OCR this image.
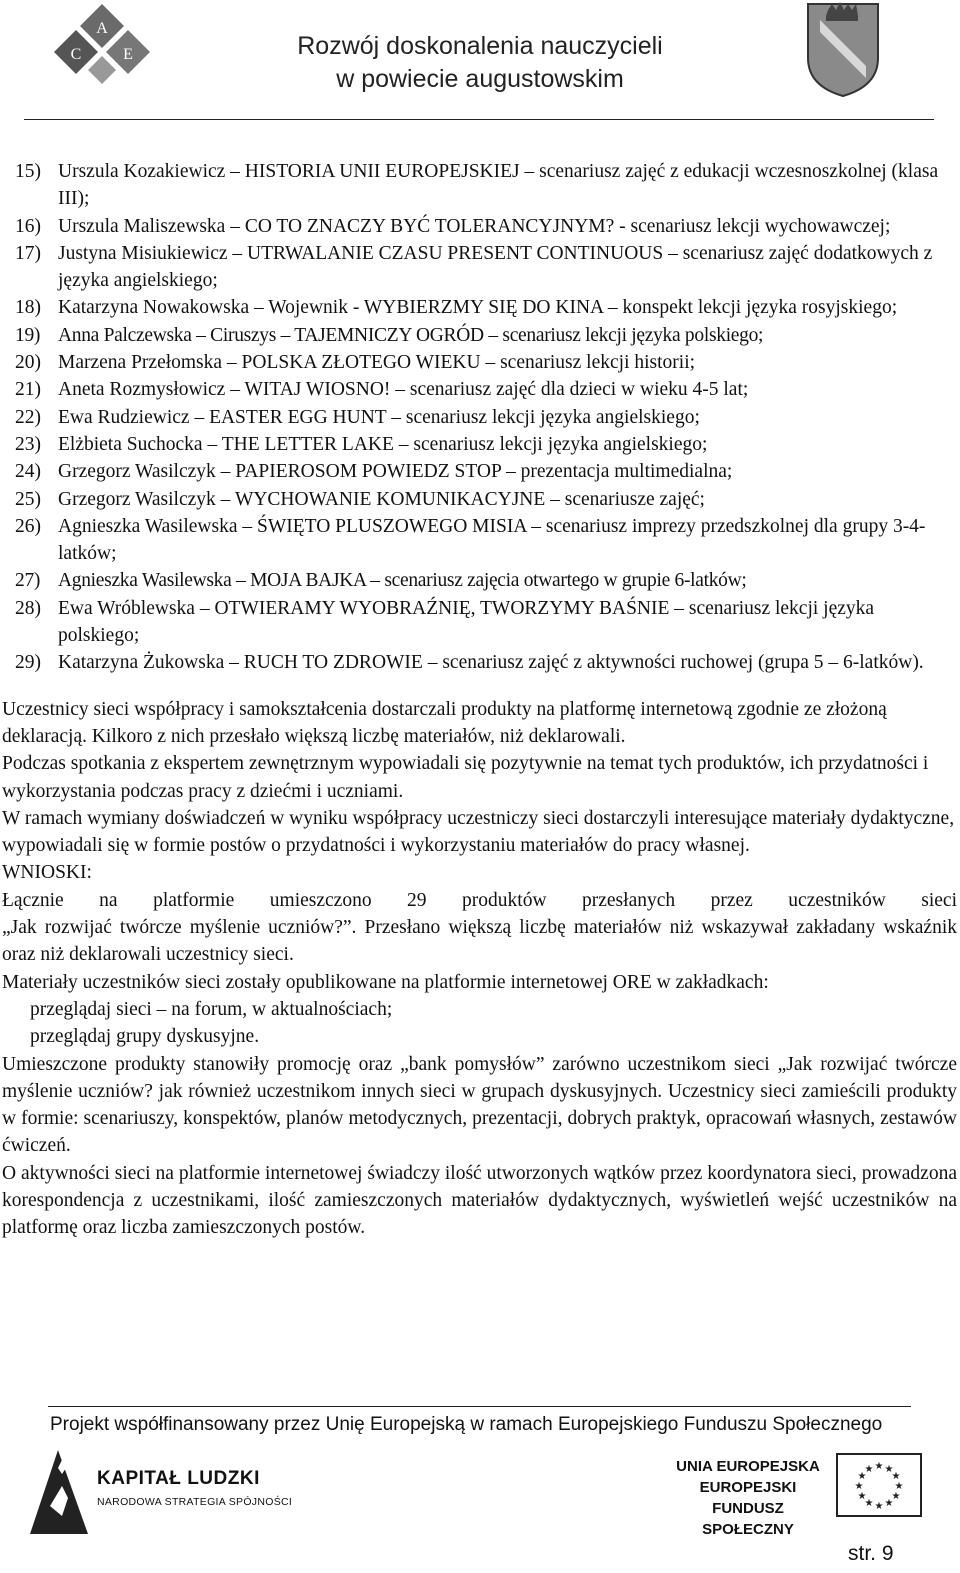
A
C	E	Rozwój doskonalenia nauczycieli
w powiecie augustowskim
15) Urszula Kozakiewicz – HISTORIA UNII EUROPEJSKIEJ – scenariusz zajęć z edukacji wczesnoszkolnej (klasa III);
16) Urszula Maliszewska – CO TO ZNACZY BYĆ TOLERANCYJNYM? - scenariusz lekcji wychowawczej;
17) Justyna Misiukiewicz – UTRWALANIE CZASU PRESENT CONTINUOUS – scenariusz zajęć dodatkowych z języka angielskiego;
18) Katarzyna Nowakowska – Wojewnik - WYBIERZMY SIĘ DO KINA – konspekt lekcji języka rosyjskiego;
19) Anna Palczewska – Ciruszys – TAJEMNICZY OGRÓD – scenariusz lekcji języka polskiego;
20) Marzena Przełomska – POLSKA ZŁOTEGO WIEKU – scenariusz lekcji historii;
21) Aneta Rozmysłowicz – WITAJ WIOSNO! – scenariusz zajęć dla dzieci w wieku 4-5 lat;
22) Ewa Rudziewicz – EASTER EGG HUNT – scenariusz lekcji języka angielskiego;
23) Elżbieta Suchocka – THE LETTER LAKE – scenariusz lekcji języka angielskiego;
24) Grzegorz Wasilczyk – PAPIEROSOM POWIEDZ STOP – prezentacja multimedialna;
25) Grzegorz Wasilczyk – WYCHOWANIE KOMUNIKACYJNE – scenariusze zajęć;
26) Agnieszka Wasilewska – ŚWIĘTO PLUSZOWEGO MISIA – scenariusz imprezy przedszkolnej dla grupy 3-4-latków;
27) Agnieszka Wasilewska – MOJA BAJKA – scenariusz zajęcia otwartego w grupie 6-latków;
28) Ewa Wróblewska – OTWIERAMY WYOBRAŹNIĘ, TWORZYMY BAŚNIE – scenariusz lekcji języka polskiego;
29) Katarzyna Żukowska – RUCH TO ZDROWIE – scenariusz zajęć z aktywności ruchowej (grupa 5 – 6-latków).

Uczestnicy sieci współpracy i samokształcenia dostarczali produkty na platformę internetową zgodnie ze złożoną deklaracją. Kilkoro z nich przesłało większą liczbę materiałów, niż deklarowali.

Podczas spotkania z ekspertem zewnętrznym wypowiadali się pozytywnie na temat tych produktów, ich przydatności i wykorzystania podczas pracy z dziećmi i uczniami.

W ramach wymiany doświadczeń w wyniku współpracy uczestniczy sieci dostarczyli interesujące materiały dydaktyczne, wypowiadali się w formie postów o przydatności i wykorzystaniu materiałów do pracy własnej.

WNIOSKI:

Łącznie na platformie umieszczono 29 produktów przesłanych przez uczestników sieci

„Jak rozwijać twórcze myślenie uczniów?”. Przesłano większą liczbę materiałów niż wskazywał zakładany wskaźnik oraz niż deklarowali uczestnicy sieci.

Materiały uczestników sieci zostały opublikowane na platformie internetowej ORE w zakładkach:

przeglądaj sieci – na forum, w aktualnościach;

przeglądaj grupy dyskusyjne.

Umieszczone produkty stanowiły promocję oraz „bank pomysłów” zarówno uczestnikom sieci „Jak rozwijać twórcze myślenie uczniów? jak również uczestnikom innych sieci w grupach dyskusyjnych. Uczestnicy sieci zamieścili produkty w formie: scenariuszy, konspektów, planów metodycznych, prezentacji, dobrych praktyk, opracowań własnych, zestawów ćwiczeń.

O aktywności sieci na platformie internetowej świadczy ilość utworzonych wątków przez koordynatora sieci, prowadzona korespondencja z uczestnikami, ilość zamieszczonych materiałów dydaktycznych, wyświetleń wejść uczestników na platformę oraz liczba zamieszczonych postów.

Projekt współfinansowany przez Unię Europejską w ramach Europejskiego Funduszu Społecznego
KAPITAŁ LUDZKI
NARODOWA STRATEGIA SPÓJNOŚCI
UNIA EUROPEJSKA
EUROPEJSKI
FUNDUSZ SPOŁECZNY
★ ★
★
★
★
★
★
★
★
★
★
★
str. 9
